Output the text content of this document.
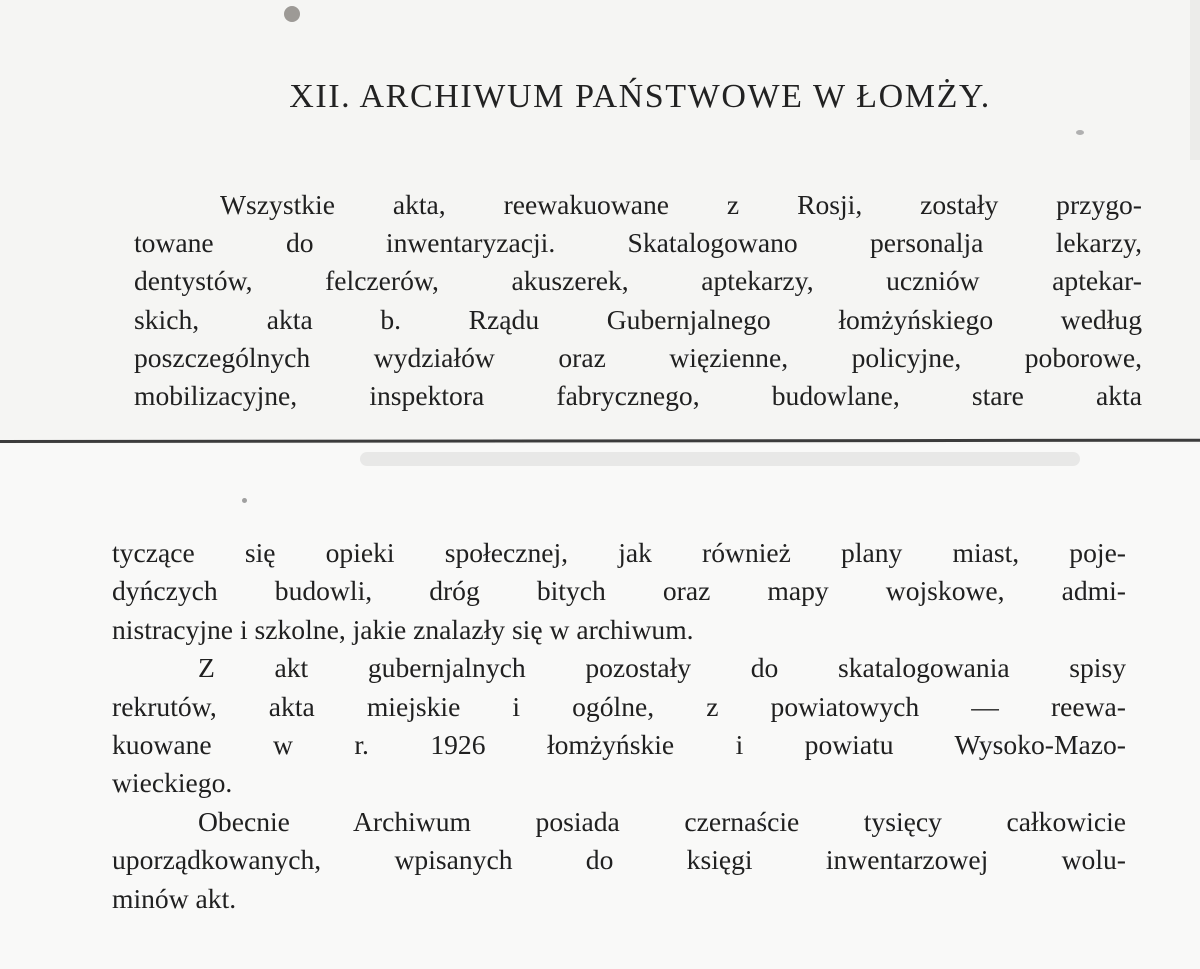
XII. ARCHIWUM PAŃSTWOWE W ŁOMŻY.
Wszystkie akta, reewakuowane z Rosji, zostały przygo-
towane do inwentaryzacji. Skatalogowano personalja lekarzy,
dentystów, felczerów, akuszerek, aptekarzy, uczniów aptekar-
skich, akta b. Rządu Gubernjalnego łomżyńskiego według
poszczególnych wydziałów oraz więzienne, policyjne, poborowe,
mobilizacyjne, inspektora fabrycznego, budowlane, stare akta
tyczące się opieki społecznej, jak również plany miast, poje-
dyńczych budowli, dróg bitych oraz mapy wojskowe, admi-
nistracyjne i szkolne, jakie znalazły się w archiwum.
Z akt gubernjalnych pozostały do skatalogowania spisy
rekrutów, akta miejskie i ogólne, z powiatowych — reewa-
kuowane w r. 1926 łomżyńskie i powiatu Wysoko-Mazo-
wieckiego.
Obecnie Archiwum posiada czernaście tysięcy całkowicie
uporządkowanych, wpisanych do księgi inwentarzowej wolu-
minów akt.
